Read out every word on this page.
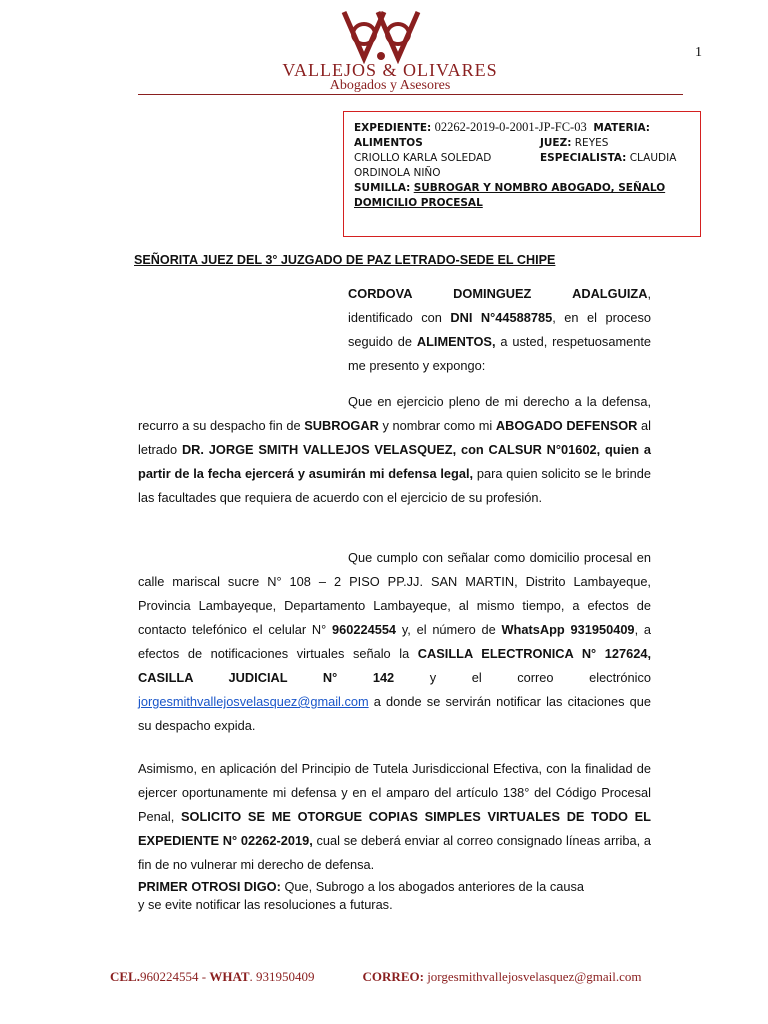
1
VALLEJOS & OLIVARES
Abogados y Asesores
EXPEDIENTE: 02262-2019-0-2001-JP-FC-03 MATERIA:
ALIMENTOS	JUEZ: REYES
CRIOLLO KARLA SOLEDAD	ESPECIALISTA: CLAUDIA
ORDINOLA NIÑO
SUMILLA: SUBROGAR Y NOMBRO ABOGADO, SEÑALO
DOMICILIO PROCESAL
SEÑORITA JUEZ DEL 3° JUZGADO DE PAZ LETRADO-SEDE EL CHIPE
CORDOVA DOMINGUEZ ADALGUIZA, identificado con DNI N°44588785, en el proceso seguido de ALIMENTOS, a usted, respetuosamente me presento y expongo:
Que en ejercicio pleno de mi derecho a la defensa, recurro a su despacho fin de SUBROGAR y nombrar como mi ABOGADO DEFENSOR al letrado DR. JORGE SMITH VALLEJOS VELASQUEZ, con CALSUR N°01602, quien a partir de la fecha ejercerá y asumirán mi defensa legal, para quien solicito se le brinde las facultades que requiera de acuerdo con el ejercicio de su profesión.
Que cumplo con señalar como domicilio procesal en calle mariscal sucre N° 108 – 2 PISO PP.JJ. SAN MARTIN, Distrito Lambayeque, Provincia Lambayeque, Departamento Lambayeque, al mismo tiempo, a efectos de contacto telefónico el celular N° 960224554 y, el número de WhatsApp 931950409, a efectos de notificaciones virtuales señalo la CASILLA ELECTRONICA N° 127624, CASILLA JUDICIAL N° 142 y el correo electrónico jorgesmithvallejosvelasquez@gmail.com a donde se servirán notificar las citaciones que su despacho expida.
Asimismo, en aplicación del Principio de Tutela Jurisdiccional Efectiva, con la finalidad de ejercer oportunamente mi defensa y en el amparo del artículo 138° del Código Procesal Penal, SOLICITO SE ME OTORGUE COPIAS SIMPLES VIRTUALES DE TODO EL EXPEDIENTE N° 02262-2019, cual se deberá enviar al correo consignado líneas arriba, a fin de no vulnerar mi derecho de defensa.
PRIMER OTROSI DIGO: Que, Subrogo a los abogados anteriores de la causa
y se evite notificar las resoluciones a futuras.
CEL.960224554 - WHAT. 931950409	CORREO: jorgesmithvallejosvelasquez@gmail.com
